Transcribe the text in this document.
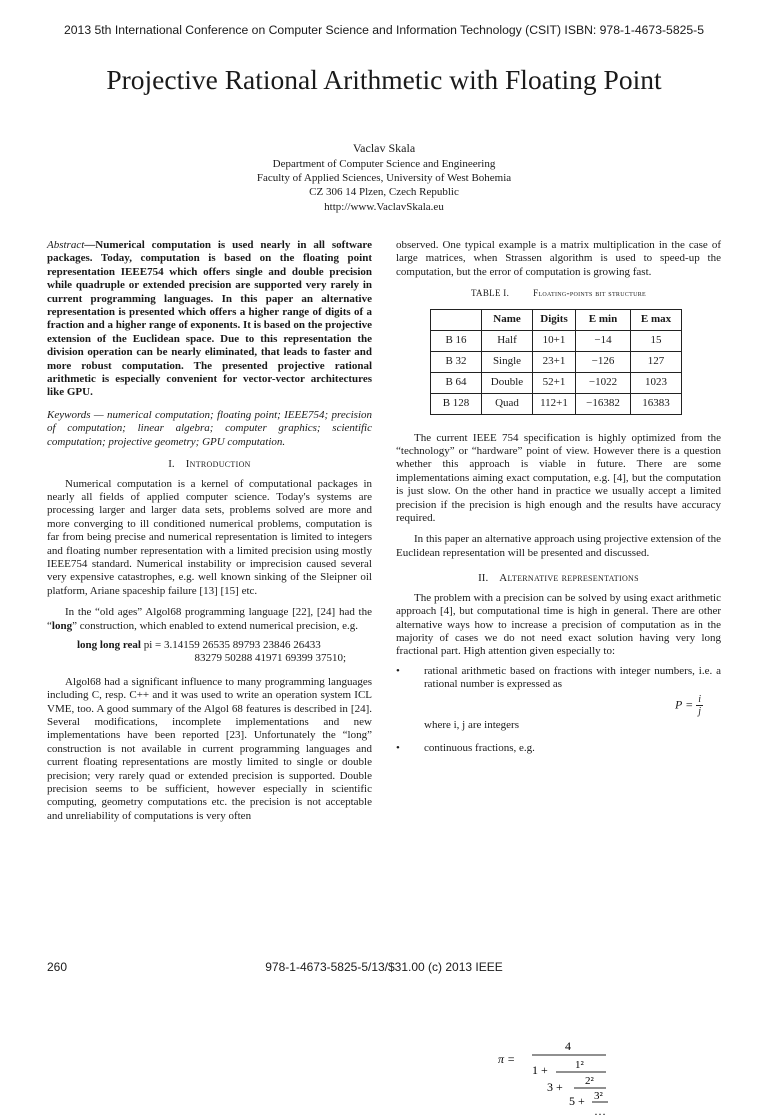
2013 5th International Conference on Computer Science and Information Technology (CSIT) ISBN: 978-1-4673-5825-5
Projective Rational Arithmetic with Floating Point
Vaclav Skala
Department of Computer Science and Engineering
Faculty of Applied Sciences, University of West Bohemia
CZ 306 14 Plzen, Czech Republic
http://www.VaclavSkala.eu

Abstract—Numerical computation is used nearly in all software packages. Today, computation is based on the floating point representation IEEE754 which offers single and double precision while quadruple or extended precision are supported very rarely in current programming languages. In this paper an alternative representation is presented which offers a higher range of digits of a fraction and a higher range of exponents. It is based on the projective extension of the Euclidean space. Due to this representation the division operation can be nearly eliminated, that leads to faster and more robust computation. The presented projective rational arithmetic is especially convenient for vector-vector architectures like GPU.

Keywords — numerical computation; floating point; IEEE754; precision of computation; linear algebra; computer graphics; scientific computation; projective geometry; GPU computation.

I. Introduction

Numerical computation is a kernel of computational packages in nearly all fields of applied computer science. Today's systems are processing larger and larger data sets, problems solved are more and more converging to ill conditioned numerical problems, computation is far from being precise and numerical representation is limited to integers and floating number representation with a limited precision using mostly IEEE754 standard. Numerical instability or imprecision caused several very expensive catastrophes, e.g. well known sinking of the Sleipner oil platform, Ariane spaceship failure [13] [15] etc.

In the “old ages” Algol68 programming language [22], [24] had the “long” construction, which enabled to extend numerical precision, e.g.

long long real pi = 3.14159 26535 89793 23846 26433
83279 50288 41971 69399 37510;

Algol68 had a significant influence to many programming languages including C, resp. C++ and it was used to write an operation system ICL VME, too. A good summary of the Algol 68 features is described in [24]. Several modifications, incomplete implementations and new implementations have been reported [23]. Unfortunately the “long” construction is not available in current programming languages and current floating representations are mostly limited to single or double precision; very rarely quad or extended precision is supported. Double precision seems to be sufficient, however especially in scientific computing, geometry computations etc. the precision is not acceptable and unreliability of computations is very often

observed. One typical example is a matrix multiplication in the case of large matrices, when Strassen algorithm is used to speed-up the computation, but the error of computation is growing fast.

TABLE I.	Floating-points bit structure
	Name	Digits	E min	E max
B 16	Half	10+1	−14	15
B 32	Single	23+1	−126	127
B 64	Double	52+1	−1022	1023
B 128	Quad	112+1	−16382	16383

The current IEEE 754 specification is highly optimized from the “technology” or “hardware” point of view. However there is a question whether this approach is viable in future. There are some implementations aiming exact computation, e.g. [4], but the computation is just slow. On the other hand in practice we usually accept a limited precision if the precision is high enough and the results have accuracy required.

In this paper an alternative approach using projective extension of the Euclidean representation will be presented and discussed.

II. Alternative representations

The problem with a precision can be solved by using exact arithmetic approach [4], but computational time is high in general. There are other alternative ways how to increase a precision of computation as in the majority of cases we do not need exact solution having very long fractional part. High attention given especially to:

• rational arithmetic based on fractions with integer numbers, i.e. a rational number is expressed as
$P = \frac{i}{j}$
where i, j are integers
• continuous fractions, e.g.
π =
4
1 + 1²
3 + 2²
5 + 3²
…
260	978-1-4673-5825-5/13/$31.00 (c) 2013 IEEE
